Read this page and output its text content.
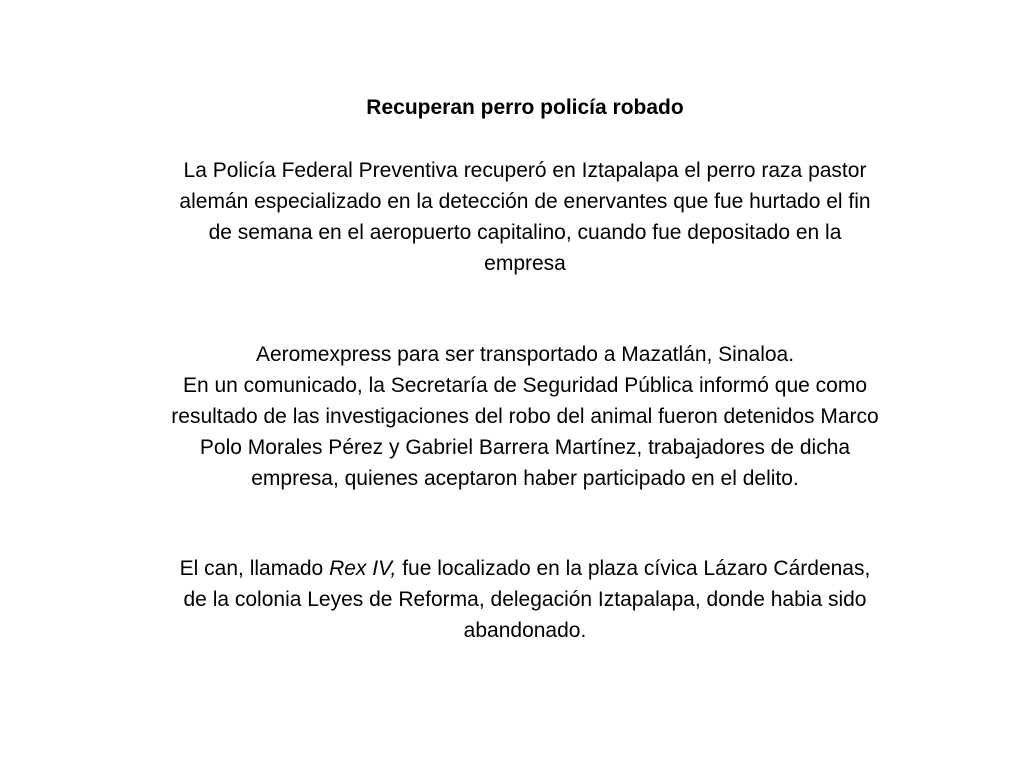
Recuperan perro policía robado

La Policía Federal Preventiva recuperó en Iztapalapa el perro raza pastor
alemán especializado en la detección de enervantes que fue hurtado el fin
de semana en el aeropuerto capitalino, cuando fue depositado en la
empresa

Aeromexpress para ser transportado a Mazatlán, Sinaloa.
En un comunicado, la Secretaría de Seguridad Pública informó que como
resultado de las investigaciones del robo del animal fueron detenidos Marco
Polo Morales Pérez y Gabriel Barrera Martínez, trabajadores de dicha
empresa, quienes aceptaron haber participado en el delito.

El can, llamado Rex IV, fue localizado en la plaza cívica Lázaro Cárdenas,
de la colonia Leyes de Reforma, delegación Iztapalapa, donde habia sido
abandonado.
